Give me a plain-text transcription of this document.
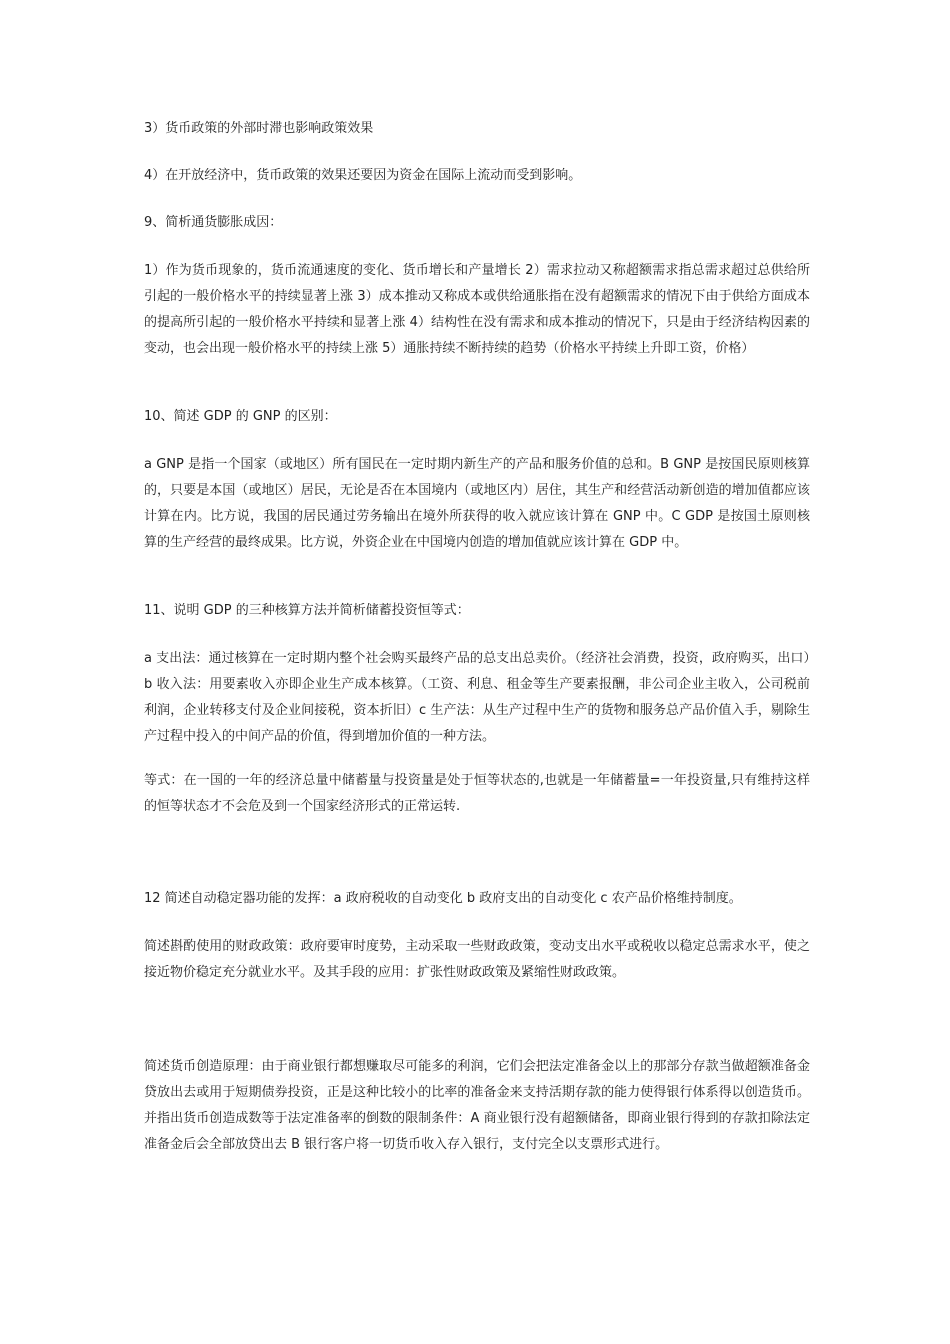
3）货币政策的外部时滞也影响政策效果

4）在开放经济中，货币政策的效果还要因为资金在国际上流动而受到影响。

9、简析通货膨胀成因：

1）作为货币现象的，货币流通速度的变化、货币增长和产量增长 2）需求拉动又称超额需求指总需求超过总供给所引起的一般价格水平的持续显著上涨 3）成本推动又称成本或供给通胀指在没有超额需求的情况下由于供给方面成本的提高所引起的一般价格水平持续和显著上涨 4）结构性在没有需求和成本推动的情况下，只是由于经济结构因素的变动，也会出现一般价格水平的持续上涨 5）通胀持续不断持续的趋势（价格水平持续上升即工资，价格）

10、简述 GDP 的 GNP 的区别：

a GNP 是指一个国家（或地区）所有国民在一定时期内新生产的产品和服务价值的总和。B GNP 是按国民原则核算的，只要是本国（或地区）居民，无论是否在本国境内（或地区内）居住，其生产和经营活动新创造的增加值都应该计算在内。比方说，我国的居民通过劳务输出在境外所获得的收入就应该计算在 GNP 中。C GDP 是按国土原则核算的生产经营的最终成果。比方说，外资企业在中国境内创造的增加值就应该计算在 GDP 中。

11、说明 GDP 的三种核算方法并简析储蓄投资恒等式：

a 支出法：通过核算在一定时期内整个社会购买最终产品的总支出总卖价。（经济社会消费，投资，政府购买，出口）b 收入法：用要素收入亦即企业生产成本核算。（工资、利息、租金等生产要素报酬，非公司企业主收入，公司税前利润，企业转移支付及企业间接税，资本折旧）c 生产法：从生产过程中生产的货物和服务总产品价值入手，剔除生产过程中投入的中间产品的价值，得到增加价值的一种方法。

等式：在一国的一年的经济总量中储蓄量与投资量是处于恒等状态的,也就是一年储蓄量=一年投资量,只有维持这样的恒等状态才不会危及到一个国家经济形式的正常运转.

12 简述自动稳定器功能的发挥：a 政府税收的自动变化 b 政府支出的自动变化 c 农产品价格维持制度。

简述斟酌使用的财政政策：政府要审时度势，主动采取一些财政政策，变动支出水平或税收以稳定总需求水平，使之接近物价稳定充分就业水平。及其手段的应用：扩张性财政政策及紧缩性财政政策。

简述货币创造原理：由于商业银行都想赚取尽可能多的利润，它们会把法定准备金以上的那部分存款当做超额准备金贷放出去或用于短期债券投资，正是这种比较小的比率的准备金来支持活期存款的能力使得银行体系得以创造货币。并指出货币创造成数等于法定准备率的倒数的限制条件：A 商业银行没有超额储备，即商业银行得到的存款扣除法定准备金后会全部放贷出去 B 银行客户将一切货币收入存入银行，支付完全以支票形式进行。
